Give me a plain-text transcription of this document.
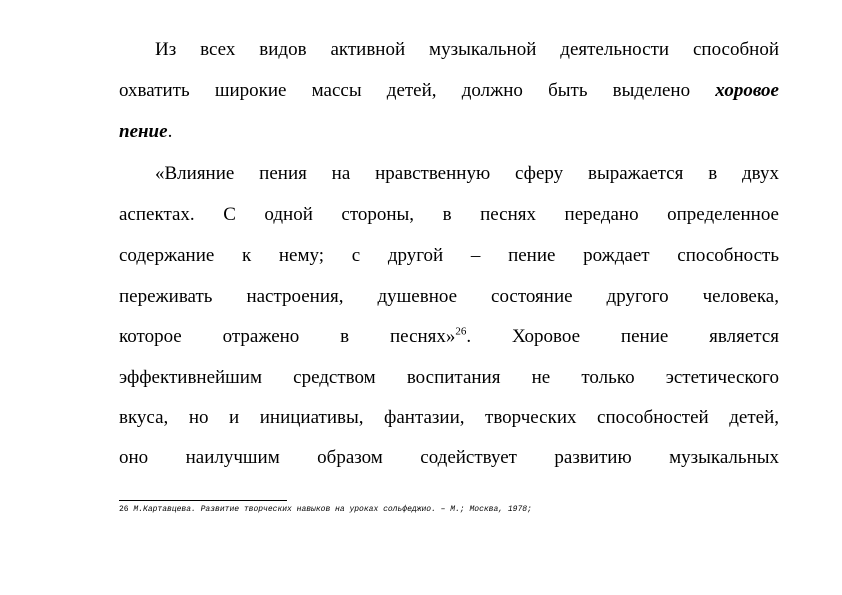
Из всех видов активной музыкальной деятельности способной
охватить широкие массы детей, должно быть выделено хоровое
пение.
«Влияние пения на нравственную сферу выражается в двух
аспектах. С одной стороны, в песнях передано определенное
содержание к нему; с другой – пение рождает способность
переживать настроения, душевное состояние другого человека,
которое отражено в песнях»$^{26}$. Хоровое пение является
эффективнейшим средством воспитания не только эстетического
вкуса, но и инициативы, фантазии, творческих способностей детей,
оно наилучшим образом содействует развитию музыкальных
26 М.Картавцева. Развитие творческих навыков на уроках сольфеджио. – М.; Москва, 1978;
